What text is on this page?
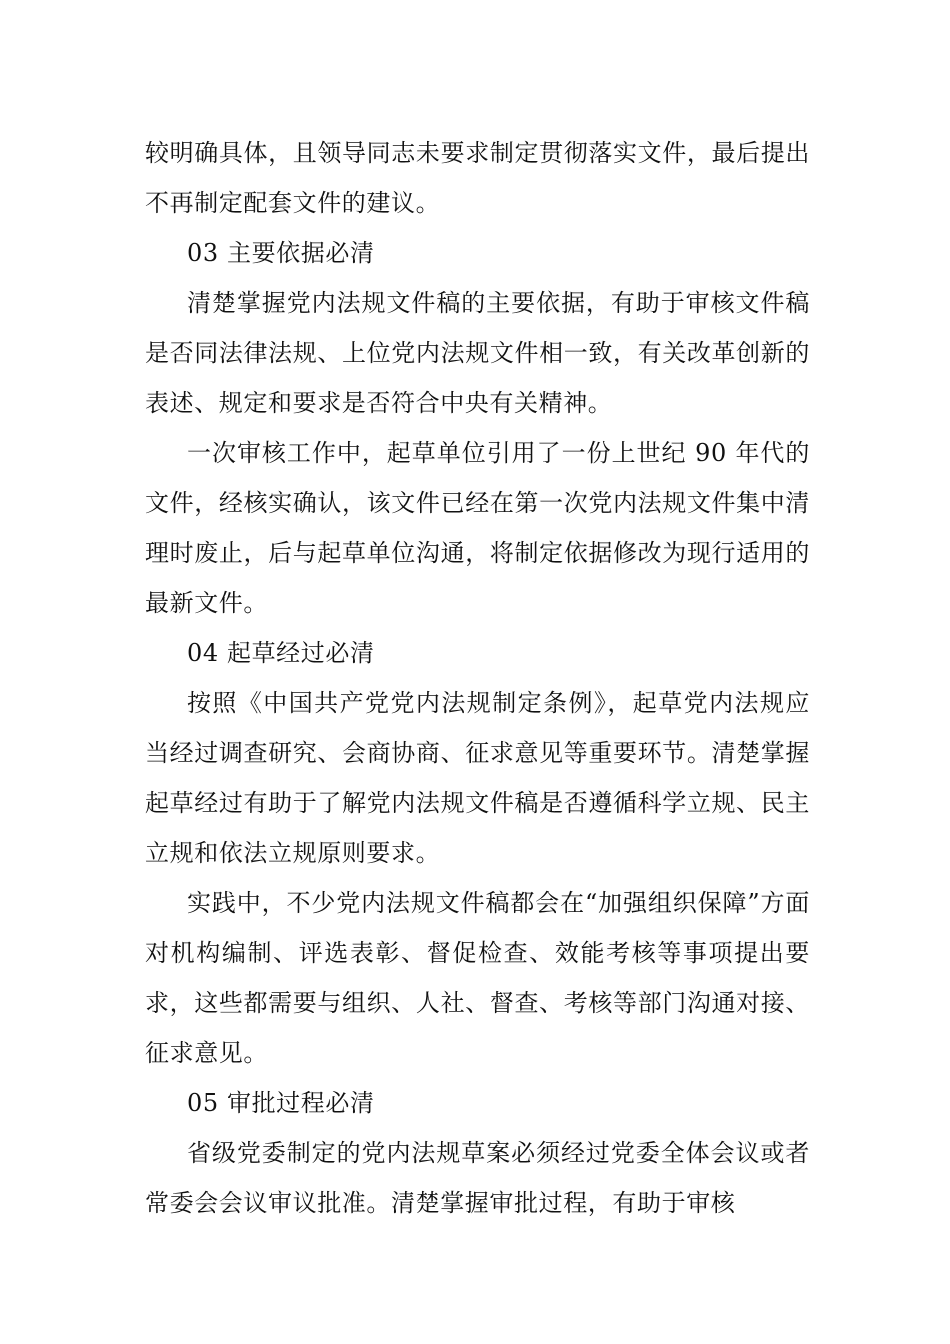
较明确具体，且领导同志未要求制定贯彻落实文件，最后提出不再制定配套文件的建议。

03 主要依据必清

清楚掌握党内法规文件稿的主要依据，有助于审核文件稿是否同法律法规、上位党内法规文件相一致，有关改革创新的表述、规定和要求是否符合中央有关精神。

一次审核工作中，起草单位引用了一份上世纪 90 年代的文件，经核实确认，该文件已经在第一次党内法规文件集中清理时废止，后与起草单位沟通，将制定依据修改为现行适用的最新文件。

04 起草经过必清

按照《中国共产党党内法规制定条例》，起草党内法规应当经过调查研究、会商协商、征求意见等重要环节。清楚掌握起草经过有助于了解党内法规文件稿是否遵循科学立规、民主立规和依法立规原则要求。

实践中，不少党内法规文件稿都会在“加强组织保障”方面对机构编制、评选表彰、督促检查、效能考核等事项提出要求，这些都需要与组织、人社、督查、考核等部门沟通对接、征求意见。

05 审批过程必清

省级党委制定的党内法规草案必须经过党委全体会议或者常委会会议审议批准。清楚掌握审批过程，有助于审核
